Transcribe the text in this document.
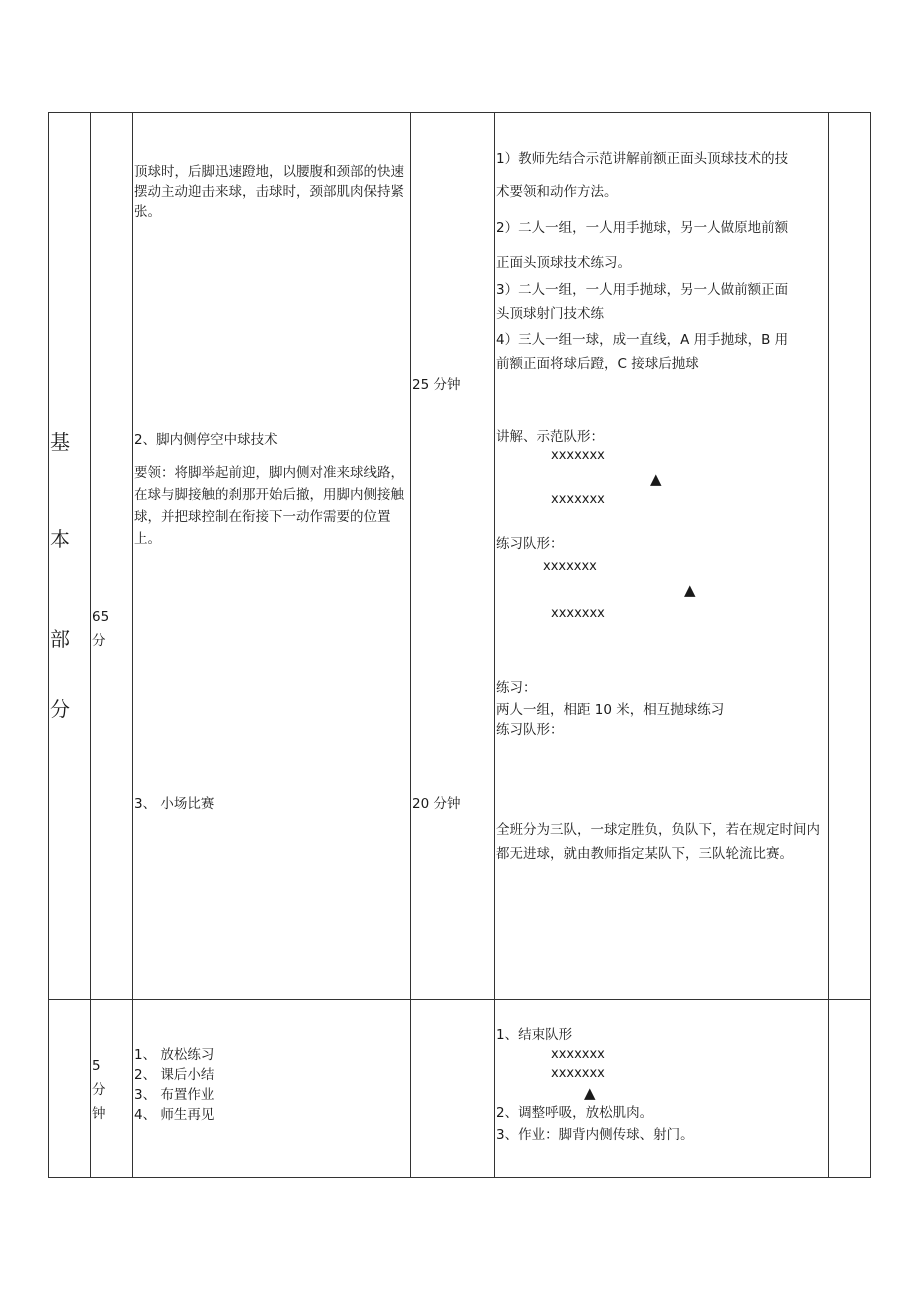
基
本
部
分
65
分
顶球时，后脚迅速蹬地，以腰腹和颈部的快速摆动主动迎击来球，击球时，颈部肌肉保持紧张。
2、脚内侧停空中球技术
要领：将脚举起前迎，脚内侧对准来球线路，在球与脚接触的刹那开始后撤，用脚内侧接触球，并把球控制在衔接下一动作需要的位置上。
3、 小场比赛
25 分钟
20 分钟
1）教师先结合示范讲解前额正面头顶球技术的技
术要领和动作方法。
2）二人一组，一人用手抛球，另一人做原地前额
正面头顶球技术练习。
3）二人一组，一人用手抛球，另一人做前额正面
头顶球射门技术练
4）三人一组一球，成一直线，A 用手抛球，B 用
前额正面将球后蹬，C 接球后抛球
讲解、示范队形：
xxxxxxx
▲
xxxxxxx
练习队形：
xxxxxxx
▲
xxxxxxx
练习：
两人一组，相距 10 米，相互抛球练习
练习队形：
全班分为三队，一球定胜负，负队下，若在规定时间内都无进球，就由教师指定某队下，三队轮流比赛。
5
分
钟
1、 放松练习
2、 课后小结
3、 布置作业
4、 师生再见
1、结束队形
xxxxxxx
xxxxxxx
▲
2、调整呼吸，放松肌肉。
3、作业：脚背内侧传球、射门。
